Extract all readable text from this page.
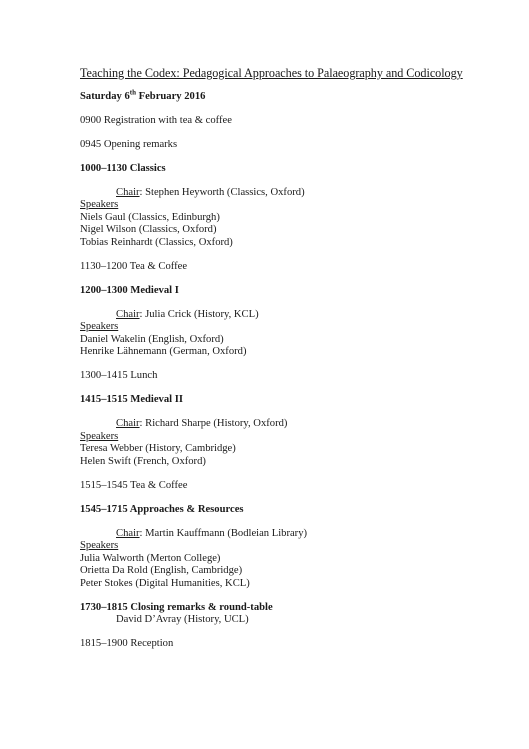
Teaching the Codex: Pedagogical Approaches to Palaeography and Codicology
Saturday 6th February 2016
0900 Registration with tea & coffee
0945 Opening remarks
1000–1130 Classics
Chair: Stephen Heyworth (Classics, Oxford)
Speakers
Niels Gaul (Classics, Edinburgh)
Nigel Wilson (Classics, Oxford)
Tobias Reinhardt (Classics, Oxford)
1130–1200 Tea & Coffee
1200–1300 Medieval I
Chair: Julia Crick (History, KCL)
Speakers
Daniel Wakelin (English, Oxford)
Henrike Lähnemann (German, Oxford)
1300–1415 Lunch
1415–1515 Medieval II
Chair: Richard Sharpe (History, Oxford)
Speakers
Teresa Webber (History, Cambridge)
Helen Swift (French, Oxford)
1515–1545 Tea & Coffee
1545–1715 Approaches & Resources
Chair: Martin Kauffmann (Bodleian Library)
Speakers
Julia Walworth (Merton College)
Orietta Da Rold (English, Cambridge)
Peter Stokes (Digital Humanities, KCL)
1730–1815 Closing remarks & round-table
David D’Avray (History, UCL)
1815–1900 Reception
